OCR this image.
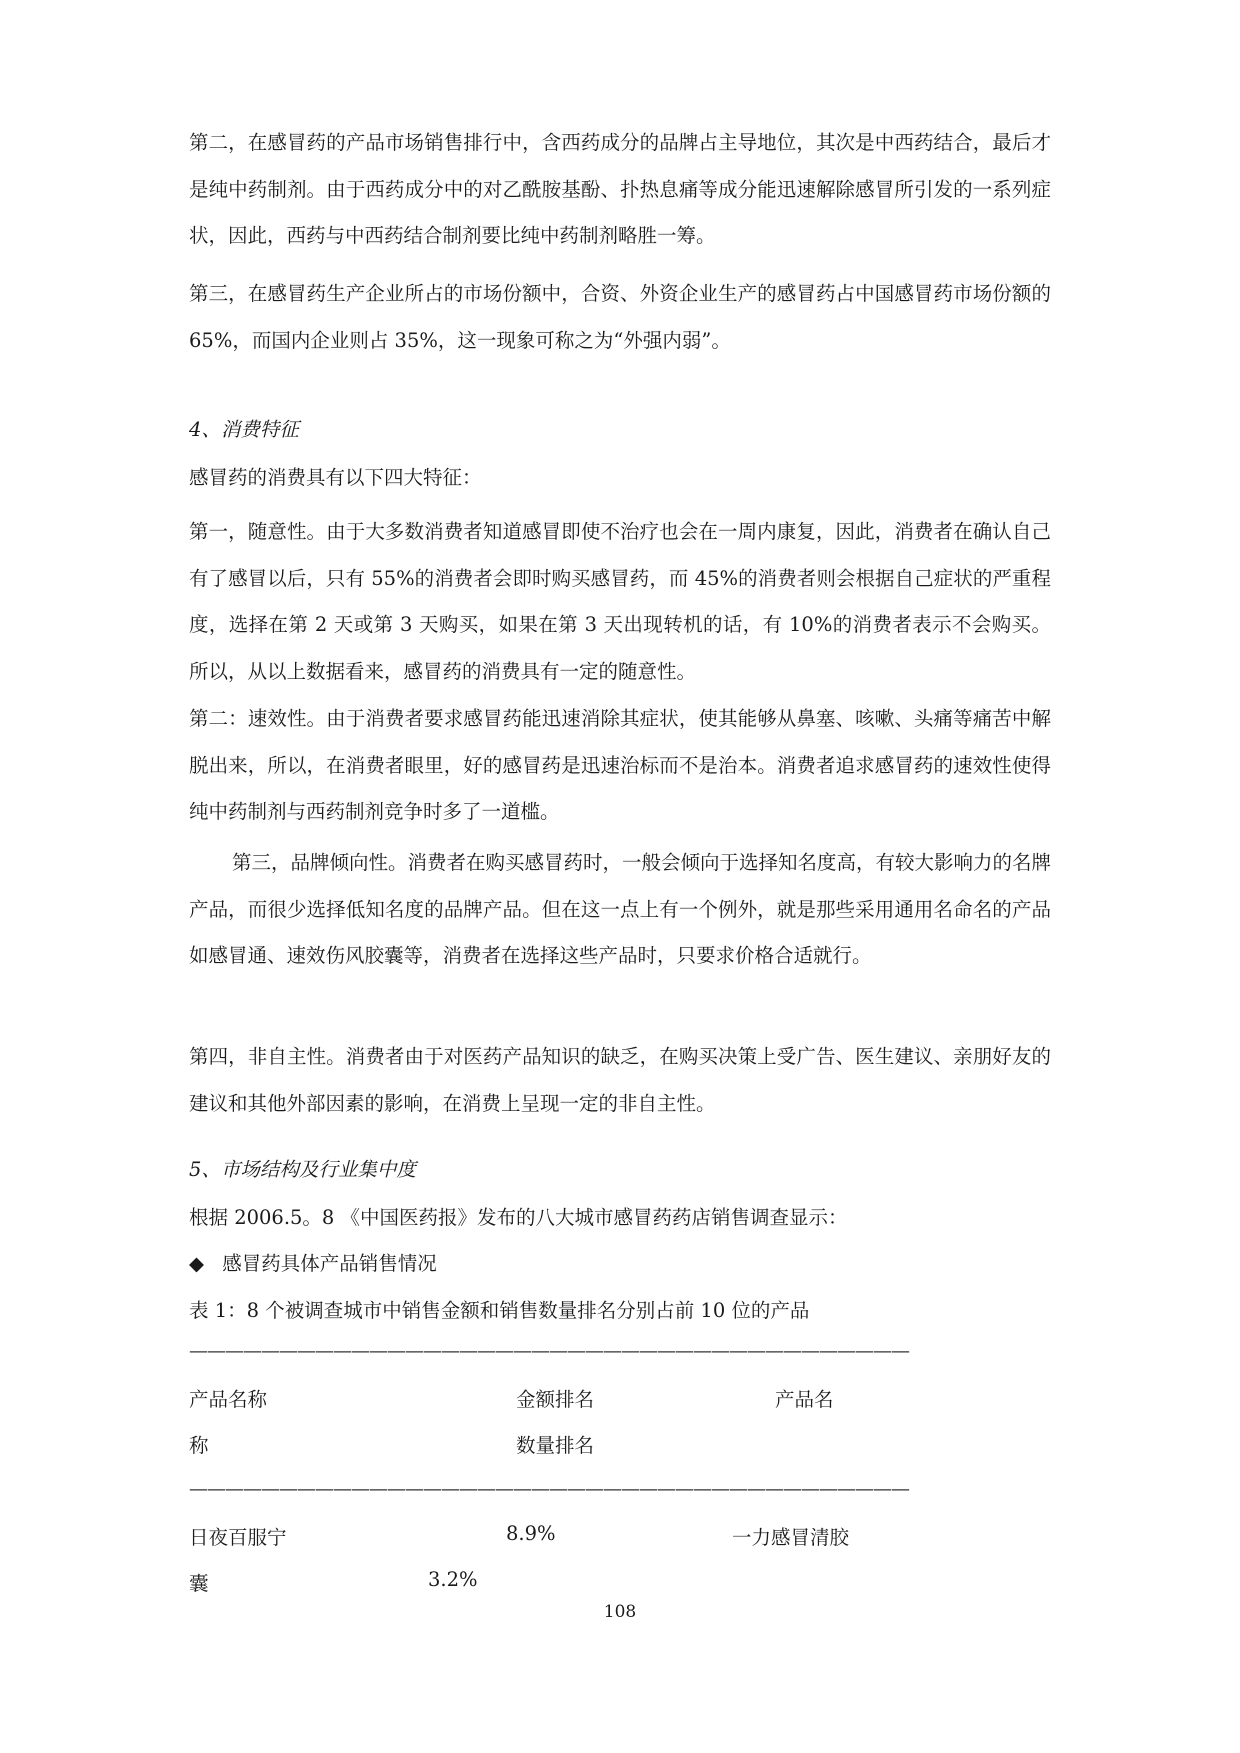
第二，在感冒药的产品市场销售排行中，含西药成分的品牌占主导地位，其次是中西药结合，最后才是纯中药制剂。由于西药成分中的对乙酰胺基酚、扑热息痛等成分能迅速解除感冒所引发的一系列症状，因此，西药与中西药结合制剂要比纯中药制剂略胜一筹。

第三，在感冒药生产企业所占的市场份额中，合资、外资企业生产的感冒药占中国感冒药市场份额的 65%，而国内企业则占 35%，这一现象可称之为“外强内弱”。

4、消费特征

感冒药的消费具有以下四大特征：

第一，随意性。由于大多数消费者知道感冒即使不治疗也会在一周内康复，因此，消费者在确认自己有了感冒以后，只有 55%的消费者会即时购买感冒药，而 45%的消费者则会根据自己症状的严重程度，选择在第 2 天或第 3 天购买，如果在第 3 天出现转机的话，有 10%的消费者表示不会购买。所以，从以上数据看来，感冒药的消费具有一定的随意性。

第二：速效性。由于消费者要求感冒药能迅速消除其症状，使其能够从鼻塞、咳嗽、头痛等痛苦中解脱出来，所以，在消费者眼里，好的感冒药是迅速治标而不是治本。消费者追求感冒药的速效性使得纯中药制剂与西药制剂竞争时多了一道槛。

第三，品牌倾向性。消费者在购买感冒药时，一般会倾向于选择知名度高，有较大影响力的名牌产品，而很少选择低知名度的品牌产品。但在这一点上有一个例外，就是那些采用通用名命名的产品如感冒通、速效伤风胶囊等，消费者在选择这些产品时，只要求价格合适就行。

第四，非自主性。消费者由于对医药产品知识的缺乏，在购买决策上受广告、医生建议、亲朋好友的建议和其他外部因素的影响，在消费上呈现一定的非自主性。

5、市场结构及行业集中度

根据 2006.5。8 《中国医药报》发布的八大城市感冒药药店销售调查显示：

◆ 感冒药具体产品销售情况

表 1：8 个被调查城市中销售金额和销售数量排名分别占前 10 位的产品

————————————————————————————————————————
产品名称	金额排名	产品名
称	数量排名
————————————————————————————————————————
日夜百服宁	8.9%	一力感冒清胶
囊	3.2%
108
